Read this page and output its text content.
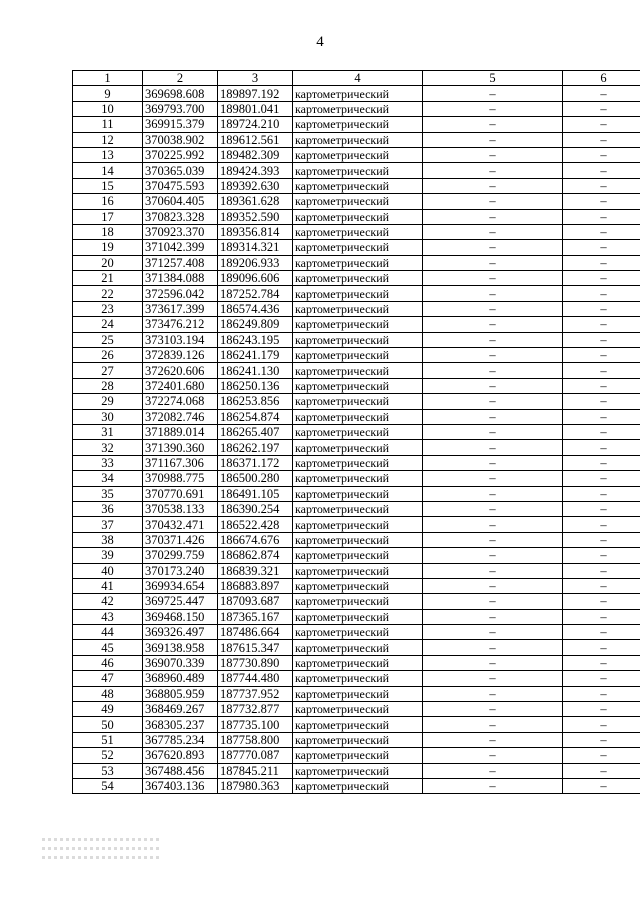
4
1	2	3	4	5	6
9	369698.608	189897.192	картометрический	–	–
10	369793.700	189801.041	картометрический	–	–
11	369915.379	189724.210	картометрический	–	–
12	370038.902	189612.561	картометрический	–	–
13	370225.992	189482.309	картометрический	–	–
14	370365.039	189424.393	картометрический	–	–
15	370475.593	189392.630	картометрический	–	–
16	370604.405	189361.628	картометрический	–	–
17	370823.328	189352.590	картометрический	–	–
18	370923.370	189356.814	картометрический	–	–
19	371042.399	189314.321	картометрический	–	–
20	371257.408	189206.933	картометрический	–	–
21	371384.088	189096.606	картометрический	–	–
22	372596.042	187252.784	картометрический	–	–
23	373617.399	186574.436	картометрический	–	–
24	373476.212	186249.809	картометрический	–	–
25	373103.194	186243.195	картометрический	–	–
26	372839.126	186241.179	картометрический	–	–
27	372620.606	186241.130	картометрический	–	–
28	372401.680	186250.136	картометрический	–	–
29	372274.068	186253.856	картометрический	–	–
30	372082.746	186254.874	картометрический	–	–
31	371889.014	186265.407	картометрический	–	–
32	371390.360	186262.197	картометрический	–	–
33	371167.306	186371.172	картометрический	–	–
34	370988.775	186500.280	картометрический	–	–
35	370770.691	186491.105	картометрический	–	–
36	370538.133	186390.254	картометрический	–	–
37	370432.471	186522.428	картометрический	–	–
38	370371.426	186674.676	картометрический	–	–
39	370299.759	186862.874	картометрический	–	–
40	370173.240	186839.321	картометрический	–	–
41	369934.654	186883.897	картометрический	–	–
42	369725.447	187093.687	картометрический	–	–
43	369468.150	187365.167	картометрический	–	–
44	369326.497	187486.664	картометрический	–	–
45	369138.958	187615.347	картометрический	–	–
46	369070.339	187730.890	картометрический	–	–
47	368960.489	187744.480	картометрический	–	–
48	368805.959	187737.952	картометрический	–	–
49	368469.267	187732.877	картометрический	–	–
50	368305.237	187735.100	картометрический	–	–
51	367785.234	187758.800	картометрический	–	–
52	367620.893	187770.087	картометрический	–	–
53	367488.456	187845.211	картометрический	–	–
54	367403.136	187980.363	картометрический	–	–
